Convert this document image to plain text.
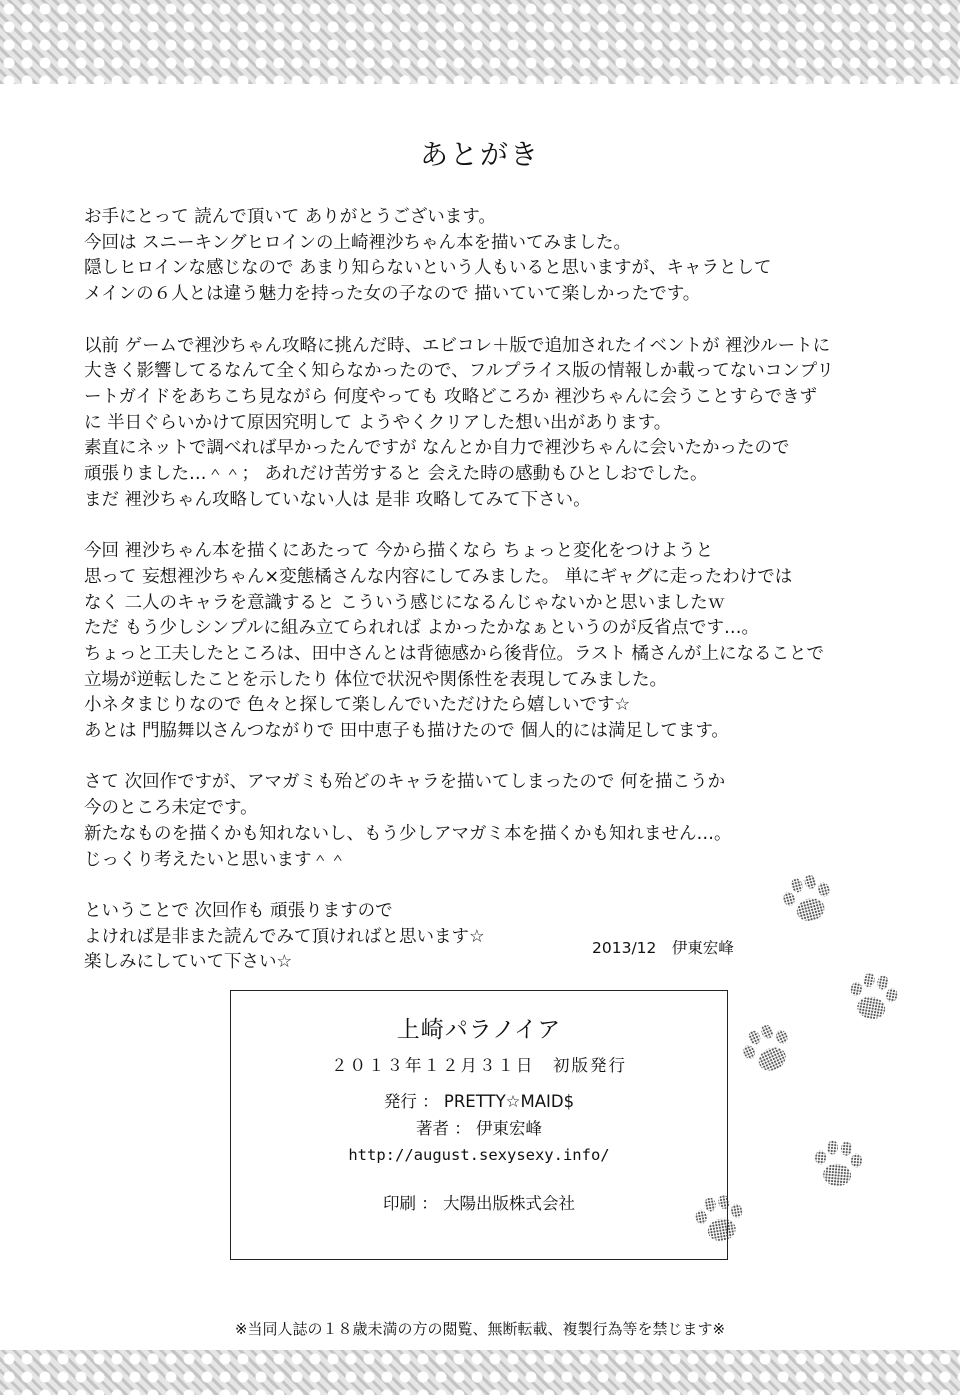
あとがき

お手にとって 読んで頂いて ありがとうございます。
今回は スニーキングヒロインの上崎裡沙ちゃん本を描いてみました。
隠しヒロインな感じなので あまり知らないという人もいると思いますが、キャラとして
メインの６人とは違う魅力を持った女の子なので 描いていて楽しかったです。

以前 ゲームで裡沙ちゃん攻略に挑んだ時、エビコレ＋版で追加されたイベントが 裡沙ルートに
大きく影響してるなんて全く知らなかったので、フルプライス版の情報しか載ってないコンプリ
ートガイドをあちこち見ながら 何度やっても 攻略どころか 裡沙ちゃんに会うことすらできず
に 半日ぐらいかけて原因究明して ようやくクリアした想い出があります。
素直にネットで調べれば早かったんですが なんとか自力で裡沙ちゃんに会いたかったので
頑張りました…＾＾； あれだけ苦労すると 会えた時の感動もひとしおでした。
まだ 裡沙ちゃん攻略していない人は 是非 攻略してみて下さい。

今回 裡沙ちゃん本を描くにあたって 今から描くなら ちょっと変化をつけようと
思って 妄想裡沙ちゃん×変態橘さんな内容にしてみました。 単にギャグに走ったわけでは
なく 二人のキャラを意識すると こういう感じになるんじゃないかと思いましたｗ
ただ もう少しシンプルに組み立てられれば よかったかなぁというのが反省点です…。
ちょっと工夫したところは、田中さんとは背徳感から後背位。ラスト 橘さんが上になることで
立場が逆転したことを示したり 体位で状況や関係性を表現してみました。
小ネタまじりなので 色々と探して楽しんでいただけたら嬉しいです☆
あとは 門脇舞以さんつながりで 田中恵子も描けたので 個人的には満足してます。

さて 次回作ですが、アマガミも殆どのキャラを描いてしまったので 何を描こうか
今のところ未定です。
新たなものを描くかも知れないし、もう少しアマガミ本を描くかも知れません…。
じっくり考えたいと思います＾＾

ということで 次回作も 頑張りますので
よければ是非また読んでみて頂ければと思います☆
楽しみにしていて下さい☆

2013/12　伊東宏峰
上崎パラノイア
２０１３年１２月３１日　初版発行
発行 ： PRETTY☆MAID$
著者 ： 伊東宏峰
http://august.sexysexy.info/
印刷 ： 大陽出版株式会社
※当同人誌の１８歳未満の方の閲覧、無断転載、複製行為等を禁じます※
